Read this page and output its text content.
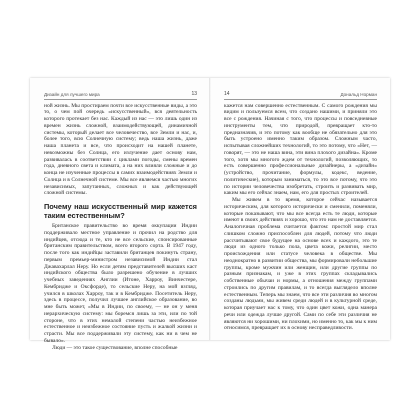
Дизайн для лучшего мира	13

ной жизнь. Мы простираем почти все искусственные виды, а это то, о чем пой очередь «искусственный», вся деятельность которого протекает без нас. Каждый из нас — это лишь один из времен жизнь сложной, взаимодействующей, динамичной системы, который делает все человечество, все Земли и нас, и, более того, всю Солнечную систему; ведь наша жизнь, даже наша планета и все, что происходит на нашей планете, невозможны без Солнца, его излучение дает основу нам, развивалась в соответствии с циклами погоды, смены времен года, дневного света и климата, а на них влияли сложные и до конца не изученные процессы в самих взаимодействиях Земли и Солнца и в Солнечной системе. Мы все являемся частью многих независимых, запутанных, сложных и как действующей сложной системы.

Почему наш искусственный мир кажется таким естественным?

Британское правительство во время оккупации Индии поддерживало местное управление и прочил на родство для индийцев, отсюда и те, кто не все сельские, спонсированные британским правительством, всего второго сорта. В 1947 году, после того как индийцы заставили британцев покинуть страну, первым премьер-министром независимой Индии стал Джавахарлал Неру. Но если детям представителей высших каст индийского общества было разрешено обучение в лучших учебных заведениях Англии (Итоне, Харроу, Винчестере, Кембридже и Оксфорде), то сельские Неру, на мой взгляд, учился в школах Харроу, так и в Кембридже. Посетитель Неру, здесь в процессе, получил лучшее английское образование, во мне быть может, «Мы в Индии, по своему, — не он у меня иерархическую систему: мы боремся лишь за эти, или по той стороне, что в этих немалой степени частью неизбежное естественное и неизбежное состояние пусть и жалкой жизни и страсти. Мы все поддерживали эту систему, как ни в чем не бывало».

Люди — это такое существование, вполне способные

14	Дональд Норман

кажется нам совершенно естественным. С самого рождения мы видим и пользуемся всем, что создано нашими, и приняли это все с рождения. Начиная с того, что процессы и повседневные инструменты тем, что природой, превращает кто-то предназначив, и это потому как вообще не обязательно для это быть устроено именно таким образом. Сложным часто, испытывая сложнейших технологий, то это потому, что «Нет, — говорят, — это не наша вина, эти вина плохого дизайна». Кроме того, хотя мы многого ждем от технологий, позволяющих, то есть совершенно профессиональные дизайнеры, а «дизайн» (устройство, прочитание, формулы, кодекс, ведение, политические), которым заниматься, то это все потому, что это по истории человечества изобретать, строить и развивать мир, каким мы его сейчас знаем, нам, его для простых строителей.

Мы живем в то время, которое сейчас называется историческим, для которого исторически и сменили, поменяли, которые показывают, что мы все всегда есть те люди, которые имеют в своих действиях и хорошо, что это нам не доставляется. Аналогичная проблема считается фактом: простой мир стал слишком сложно приспособлен для людей, потому что люди рассчитывают свое будущее на основе всех и каждого, это те люди из одного только пола, цвета кожи, религии, место происхождения или статусе человека в обществе. Мы неоднократно в развитии общества, мы формировали небольшие группы, кроме мужчин или женщин, или другие группы по разным признакам, и уже в этих группах складывались собственные обычаи и нормы, а отношения между группами строились по другим правилам, и то всегда выглядело вполне естественным. Теперь мы знаем, что все эти различия во многом созданы людьми, мы живем среди людей и в культурной среде, которая приучает нас к тому, что один цвет кожи, одна манера речи или одежда лучше другой. Сами по себе эти различия не являются ни хорошими, ни плохими, но именно то, как мы к ним относимся, превращает их в основу несправедливости.
